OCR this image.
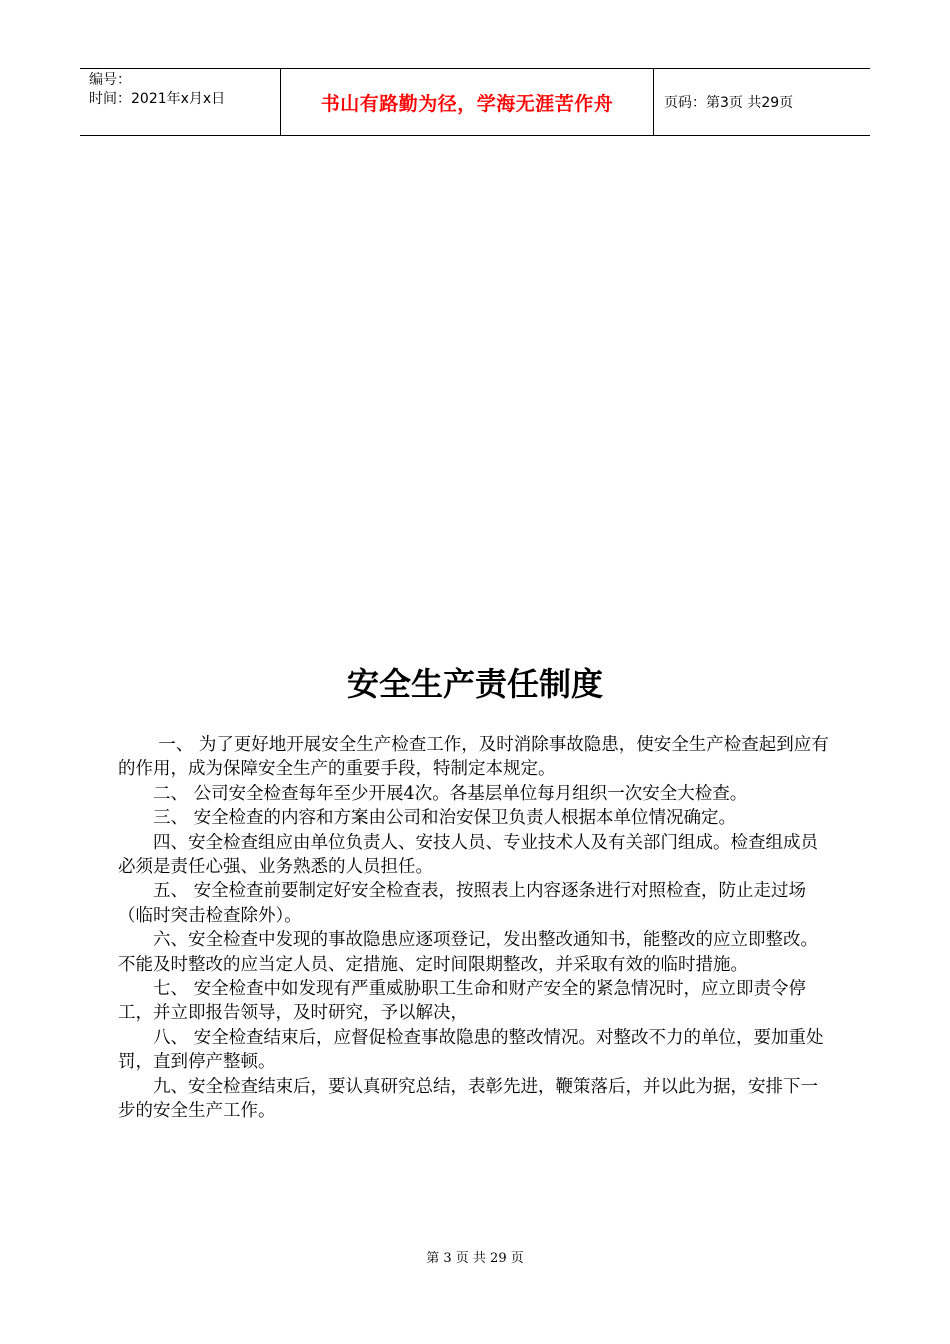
编号：
时间：2021年x月x日	书山有路勤为径，学海无涯苦作舟	页码：第3页 共29页
安全生产责任制度

一、 为了更好地开展安全生产检查工作，及时消除事故隐患，使安全生产检查起到应有的作用，成为保障安全生产的重要手段，特制定本规定。

二、 公司安全检查每年至少开展4次。各基层单位每月组织一次安全大检查。

三、 安全检查的内容和方案由公司和治安保卫负责人根据本单位情况确定。

四、安全检查组应由单位负责人、安技人员、专业技术人及有关部门组成。检查组成员必须是责任心强、业务熟悉的人员担任。

五、 安全检查前要制定好安全检查表，按照表上内容逐条进行对照检查，防止走过场（临时突击检查除外）。

六、安全检查中发现的事故隐患应逐项登记，发出整改通知书，能整改的应立即整改。不能及时整改的应当定人员、定措施、定时间限期整改，并采取有效的临时措施。

七、 安全检查中如发现有严重威胁职工生命和财产安全的紧急情况时，应立即责令停工，并立即报告领导，及时研究，予以解决，

八、 安全检查结束后，应督促检查事故隐患的整改情况。对整改不力的单位，要加重处罚，直到停产整顿。

九、安全检查结束后，要认真研究总结，表彰先进，鞭策落后，并以此为据，安排下一步的安全生产工作。

第 3 页 共 29 页
